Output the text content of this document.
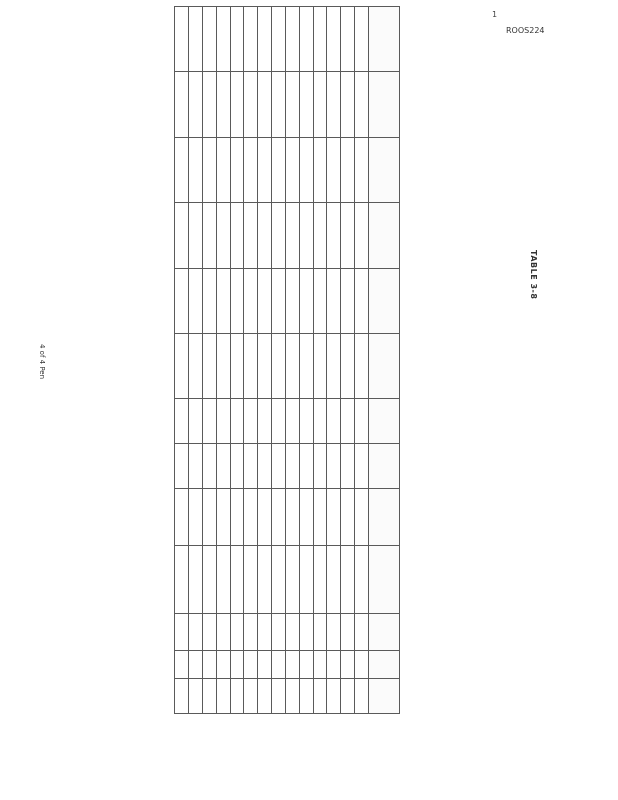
1
ROOS224
4 of 4 Pen
TABLE 3-8
